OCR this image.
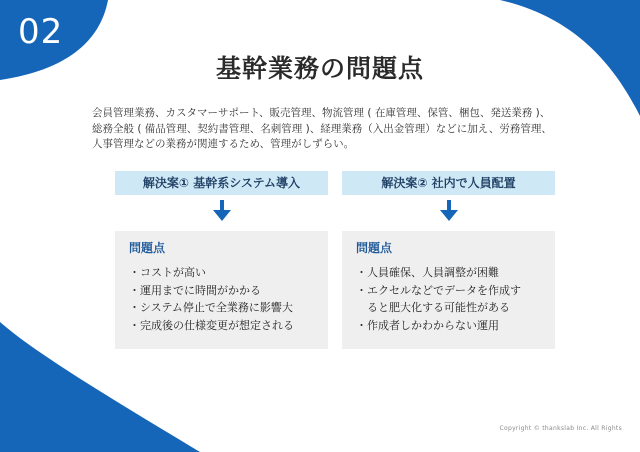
02
基幹業務の問題点

会員管理業務、カスタマーサポート、販売管理、物流管理 ( 在庫管理、保管、梱包、発送業務 )、

総務全般 ( 備品管理、契約書管理、名刺管理 )、経理業務（入出金管理）などに加え、労務管理、

人事管理などの業務が関連するため、管理がしずらい。

解決案① 基幹系システム導入
問題点
・コストが高い
・運用までに時間がかかる
・システム停止で全業務に影響大
・完成後の仕様変更が想定される
解決案② 社内で人員配置
問題点
・人員確保、人員調整が困難
・エクセルなどでデータを作成す
　ると肥大化する可能性がある
・作成者しかわからない運用
Copyright © thankslab Inc. All Rights
